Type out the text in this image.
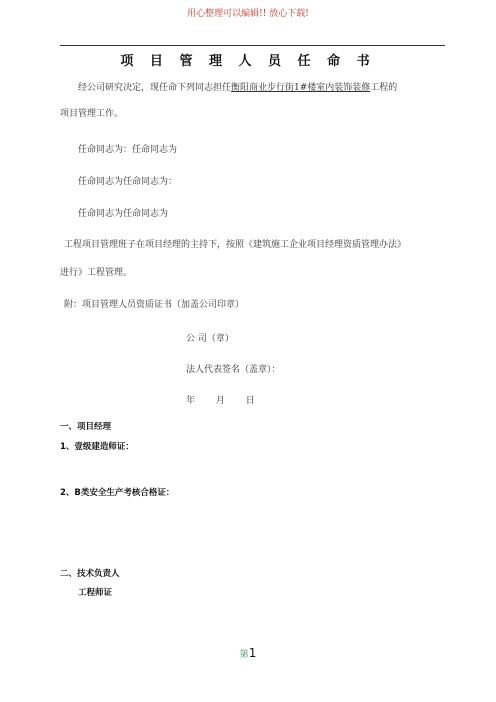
用心整理可以编辑!! 放心下载!
项 目 管 理 人 员 任 命 书
经公司研究决定，现任命下列同志担任衡阳商业步行街1#楼室内装饰装修工程的
项目管理工作。
任命同志为：任命同志为
任命同志为任命同志为：
任命同志为任命同志为
工程项目管理班子在项目经理的主持下，按照《建筑施工企业项目经理资质管理办法》
进行》工程管理。
附：项目管理人员资质证书（加盖公司印章）
公 司（章）
法人代表签名（盖章）：
年　　 月　　 日
一、项目经理
1、壹级建造师证：
2、B类安全生产考核合格证：
二、技术负责人
工程师证
第1
